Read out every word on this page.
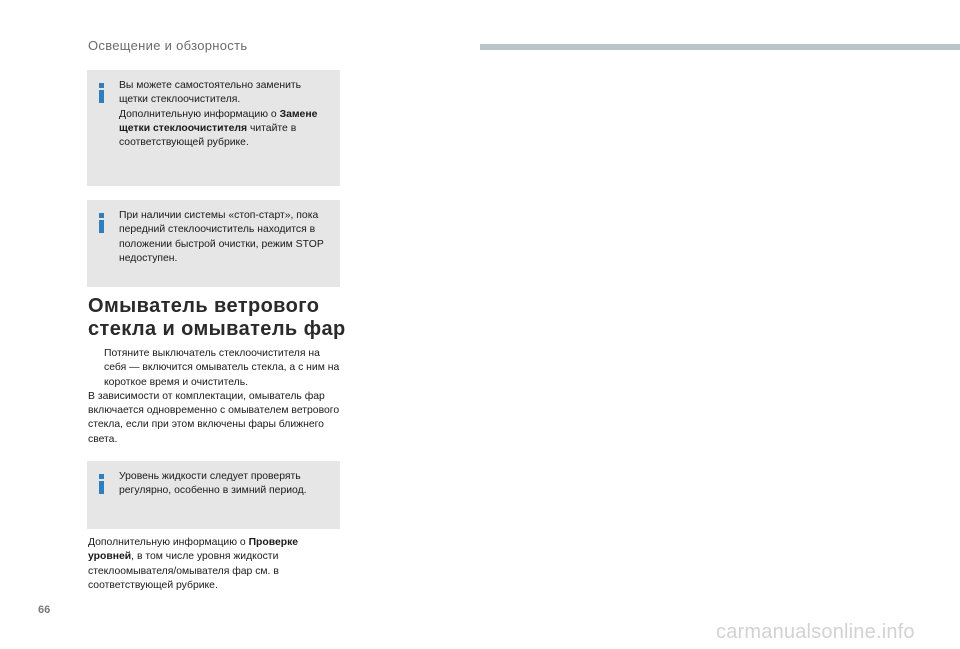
Освещение и обзорность

Вы можете самостоятельно заменить щетки стеклоочистителя.

Дополнительную информацию о Замене щетки стеклоочистителя читайте в соответствующей рубрике.

При наличии системы «стоп-старт», пока передний стеклоочиститель находится в положении быстрой очистки, режим STOP недоступен.

Омыватель ветрового
стекла и омыватель фар

Потяните выключатель стеклоочистителя на себя — включится омыватель стекла, а с ним на короткое время и очиститель.

В зависимости от комплектации, омыватель фар включается одновременно с омывателем ветрового стекла, если при этом включены фары ближнего света.

Уровень жидкости следует проверять регулярно, особенно в зимний период.

Дополнительную информацию о Проверке уровней, в том числе уровня жидкости стеклоомывателя/омывателя фар см. в соответствующей рубрике.

66
carmanualsonline.info
